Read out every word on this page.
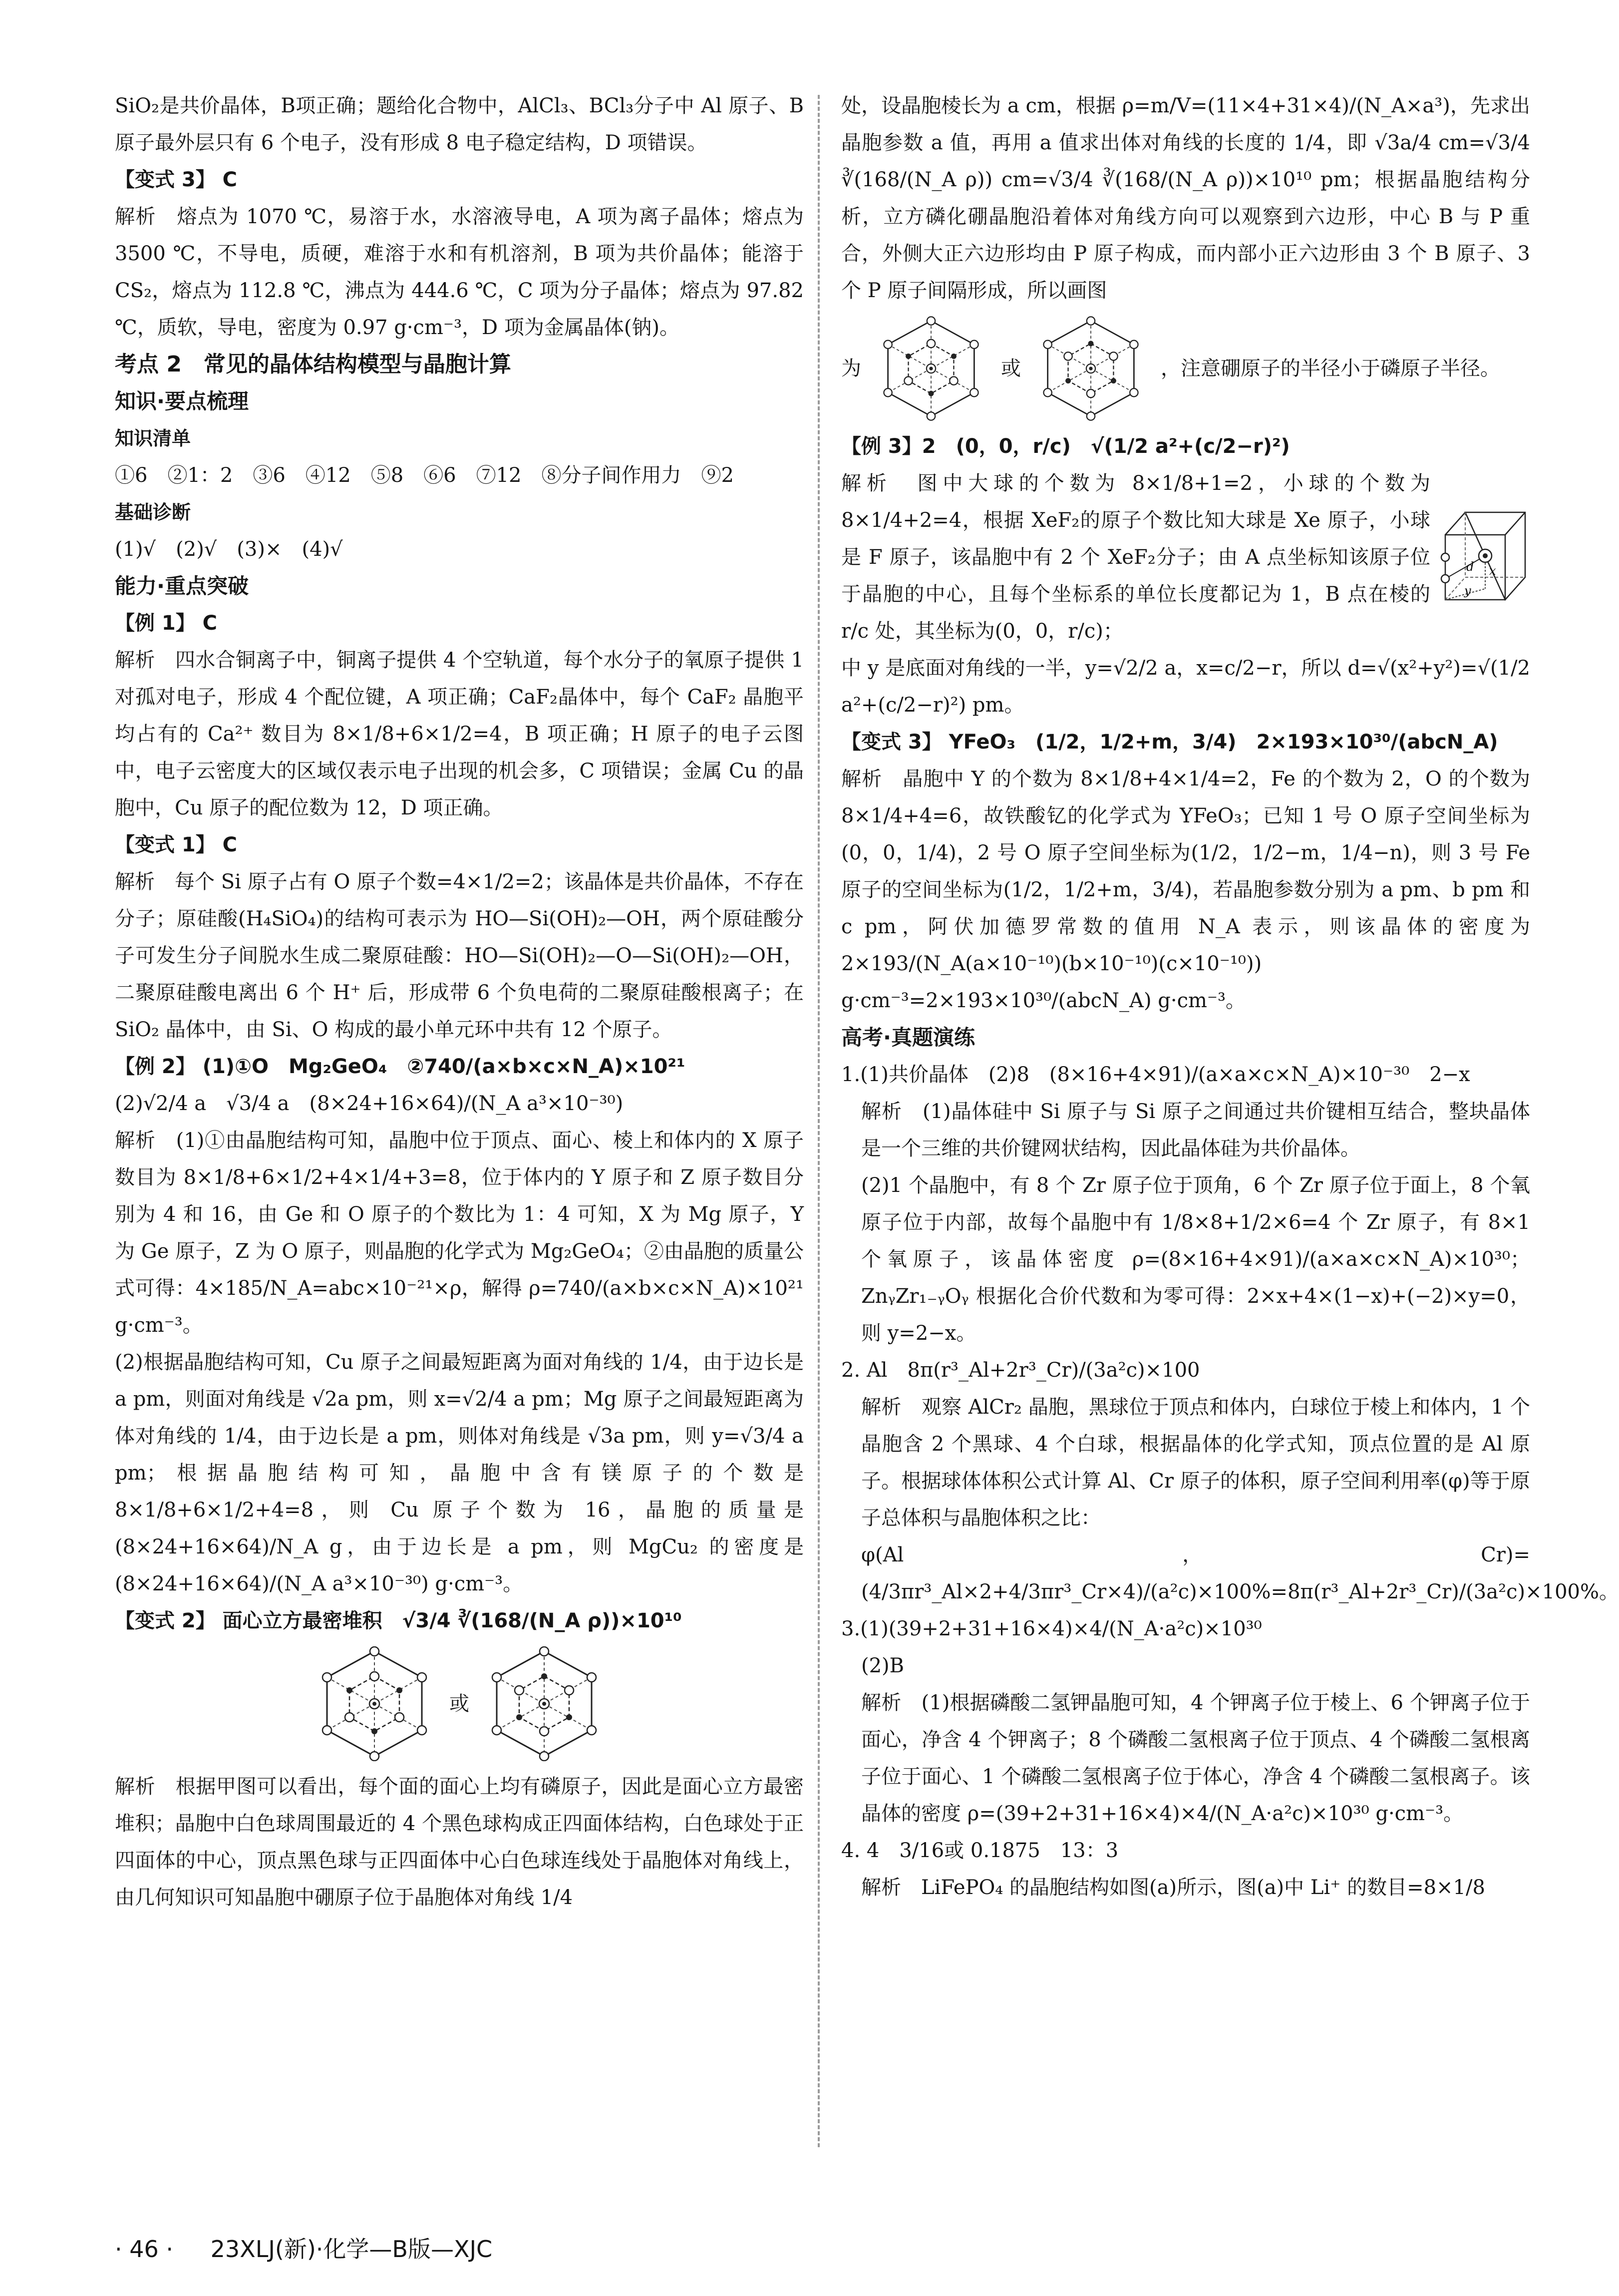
SiO₂是共价晶体，B项正确；题给化合物中，AlCl₃、BCl₃分子中 Al 原子、B 原子最外层只有 6 个电子，没有形成 8 电子稳定结构，D 项错误。

【变式 3】 C

解析　熔点为 1070 ℃，易溶于水，水溶液导电，A 项为离子晶体；熔点为 3500 ℃，不导电，质硬，难溶于水和有机溶剂，B 项为共价晶体；能溶于 CS₂，熔点为 112.8 ℃，沸点为 444.6 ℃，C 项为分子晶体；熔点为 97.82 ℃，质软，导电，密度为 0.97 g·cm⁻³，D 项为金属晶体(钠)。

考点 2　常见的晶体结构模型与晶胞计算

知识·要点梳理

知识清单

①6　②1：2　③6　④12　⑤8　⑥6　⑦12　⑧分子间作用力　⑨2

基础诊断

(1)√　(2)√　(3)×　(4)√

能力·重点突破

【例 1】 C

解析　四水合铜离子中，铜离子提供 4 个空轨道，每个水分子的氧原子提供 1 对孤对电子，形成 4 个配位键，A 项正确；CaF₂晶体中，每个 CaF₂ 晶胞平均占有的 Ca²⁺ 数目为 8×1/8+6×1/2=4，B 项正确；H 原子的电子云图中，电子云密度大的区域仅表示电子出现的机会多，C 项错误；金属 Cu 的晶胞中，Cu 原子的配位数为 12，D 项正确。

【变式 1】 C

解析　每个 Si 原子占有 O 原子个数=4×1/2=2；该晶体是共价晶体，不存在分子；原硅酸(H₄SiO₄)的结构可表示为 HO—Si(OH)₂—OH，两个原硅酸分子可发生分子间脱水生成二聚原硅酸：HO—Si(OH)₂—O—Si(OH)₂—OH，二聚原硅酸电离出 6 个 H⁺ 后，形成带 6 个负电荷的二聚原硅酸根离子；在 SiO₂ 晶体中，由 Si、O 构成的最小单元环中共有 12 个原子。

【例 2】 (1)①O　Mg₂GeO₄　②740/(a×b×c×N_A)×10²¹

(2)√2/4 a　√3/4 a　(8×24+16×64)/(N_A a³×10⁻³⁰)

解析　(1)①由晶胞结构可知，晶胞中位于顶点、面心、棱上和体内的 X 原子数目为 8×1/8+6×1/2+4×1/4+3=8，位于体内的 Y 原子和 Z 原子数目分别为 4 和 16，由 Ge 和 O 原子的个数比为 1：4 可知，X 为 Mg 原子，Y 为 Ge 原子，Z 为 O 原子，则晶胞的化学式为 Mg₂GeO₄；②由晶胞的质量公式可得：4×185/N_A=abc×10⁻²¹×ρ，解得 ρ=740/(a×b×c×N_A)×10²¹ g·cm⁻³。

(2)根据晶胞结构可知，Cu 原子之间最短距离为面对角线的 1/4，由于边长是 a pm，则面对角线是 √2a pm，则 x=√2/4 a pm；Mg 原子之间最短距离为体对角线的 1/4，由于边长是 a pm，则体对角线是 √3a pm，则 y=√3/4 a pm；根据晶胞结构可知，晶胞中含有镁原子的个数是 8×1/8+6×1/2+4=8，则 Cu 原子个数为 16，晶胞的质量是 (8×24+16×64)/N_A g，由于边长是 a pm，则 MgCu₂ 的密度是 (8×24+16×64)/(N_A a³×10⁻³⁰) g·cm⁻³。

【变式 2】 面心立方最密堆积　√3/4 ∛(168/(N_A ρ))×10¹⁰

或

解析　根据甲图可以看出，每个面的面心上均有磷原子，因此是面心立方最密堆积；晶胞中白色球周围最近的 4 个黑色球构成正四面体结构，白色球处于正四面体的中心，顶点黑色球与正四面体中心白色球连线处于晶胞体对角线上，由几何知识可知晶胞中硼原子位于晶胞体对角线 1/4

处，设晶胞棱长为 a cm，根据 ρ=m/V=(11×4+31×4)/(N_A×a³)，先求出晶胞参数 a 值，再用 a 值求出体对角线的长度的 1/4，即 √3a/4 cm=√3/4 ∛(168/(N_A ρ)) cm=√3/4 ∛(168/(N_A ρ))×10¹⁰ pm；根据晶胞结构分析，立方磷化硼晶胞沿着体对角线方向可以观察到六边形，中心 B 与 P 重合，外侧大正六边形均由 P 原子构成，而内部小正六边形由 3 个 B 原子、3 个 P 原子间隔形成，所以画图

为	或	，注意硼原子的半径小于磷原子半径。

【例 3】2　(0，0，r/c)　√(1/2 a²+(c/2−r)²)

解析　图中大球的个数为 8×1/8+1=2，小球的个数为 8×1/4+2=4，根据 XeF₂的原子个数比知大球是 Xe 原子，小球是 F 原子，该晶胞中有 2 个 XeF₂分子；由 A 点坐标知该原子位于晶胞的中心，且每个坐标系的单位长度都记为 1，B 点在棱的 r/c 处，其坐标为(0，0，r/c)；

d x
y

中 y 是底面对角线的一半，y=√2/2 a，x=c/2−r，所以 d=√(x²+y²)=√(1/2 a²+(c/2−r)²) pm。

【变式 3】 YFeO₃　(1/2，1/2+m，3/4)　2×193×10³⁰/(abcN_A)

解析　晶胞中 Y 的个数为 8×1/8+4×1/4=2，Fe 的个数为 2，O 的个数为 8×1/4+4=6，故铁酸钇的化学式为 YFeO₃；已知 1 号 O 原子空间坐标为(0，0，1/4)，2 号 O 原子空间坐标为(1/2，1/2−m，1/4−n)，则 3 号 Fe 原子的空间坐标为(1/2，1/2+m，3/4)，若晶胞参数分别为 a pm、b pm 和 c pm，阿伏加德罗常数的值用 N_A 表示，则该晶体的密度为 2×193/(N_A(a×10⁻¹⁰)(b×10⁻¹⁰)(c×10⁻¹⁰)) g·cm⁻³=2×193×10³⁰/(abcN_A) g·cm⁻³。

高考·真题演练

1.(1)共价晶体　(2)8　(8×16+4×91)/(a×a×c×N_A)×10⁻³⁰　2−x

解析　(1)晶体硅中 Si 原子与 Si 原子之间通过共价键相互结合，整块晶体是一个三维的共价键网状结构，因此晶体硅为共价晶体。

(2)1 个晶胞中，有 8 个 Zr 原子位于顶角，6 个 Zr 原子位于面上，8 个氧原子位于内部，故每个晶胞中有 1/8×8+1/2×6=4 个 Zr 原子，有 8×1 个氧原子，该晶体密度 ρ=(8×16+4×91)/(a×a×c×N_A)×10³⁰；ZnᵧZr₁₋ᵧOᵧ 根据化合价代数和为零可得：2×x+4×(1−x)+(−2)×y=0，则 y=2−x。

2. Al　8π(r³_Al+2r³_Cr)/(3a²c)×100

解析　观察 AlCr₂ 晶胞，黑球位于顶点和体内，白球位于棱上和体内，1 个晶胞含 2 个黑球、4 个白球，根据晶体的化学式知，顶点位置的是 Al 原子。根据球体体积公式计算 Al、Cr 原子的体积，原子空间利用率(φ)等于原子总体积与晶胞体积之比：

φ(Al，Cr)=(4/3πr³_Al×2+4/3πr³_Cr×4)/(a²c)×100%=8π(r³_Al+2r³_Cr)/(3a²c)×100%。

3.(1)(39+2+31+16×4)×4/(N_A·a²c)×10³⁰

(2)B

解析　(1)根据磷酸二氢钾晶胞可知，4 个钾离子位于棱上、6 个钾离子位于面心，净含 4 个钾离子；8 个磷酸二氢根离子位于顶点、4 个磷酸二氢根离子位于面心、1 个磷酸二氢根离子位于体心，净含 4 个磷酸二氢根离子。该晶体的密度 ρ=(39+2+31+16×4)×4/(N_A·a²c)×10³⁰ g·cm⁻³。

4. 4　3/16或 0.1875　13：3

解析　LiFePO₄ 的晶胞结构如图(a)所示，图(a)中 Li⁺ 的数目=8×1/8

· 46 · 23XLJ(新)·化学—B版—XJC
